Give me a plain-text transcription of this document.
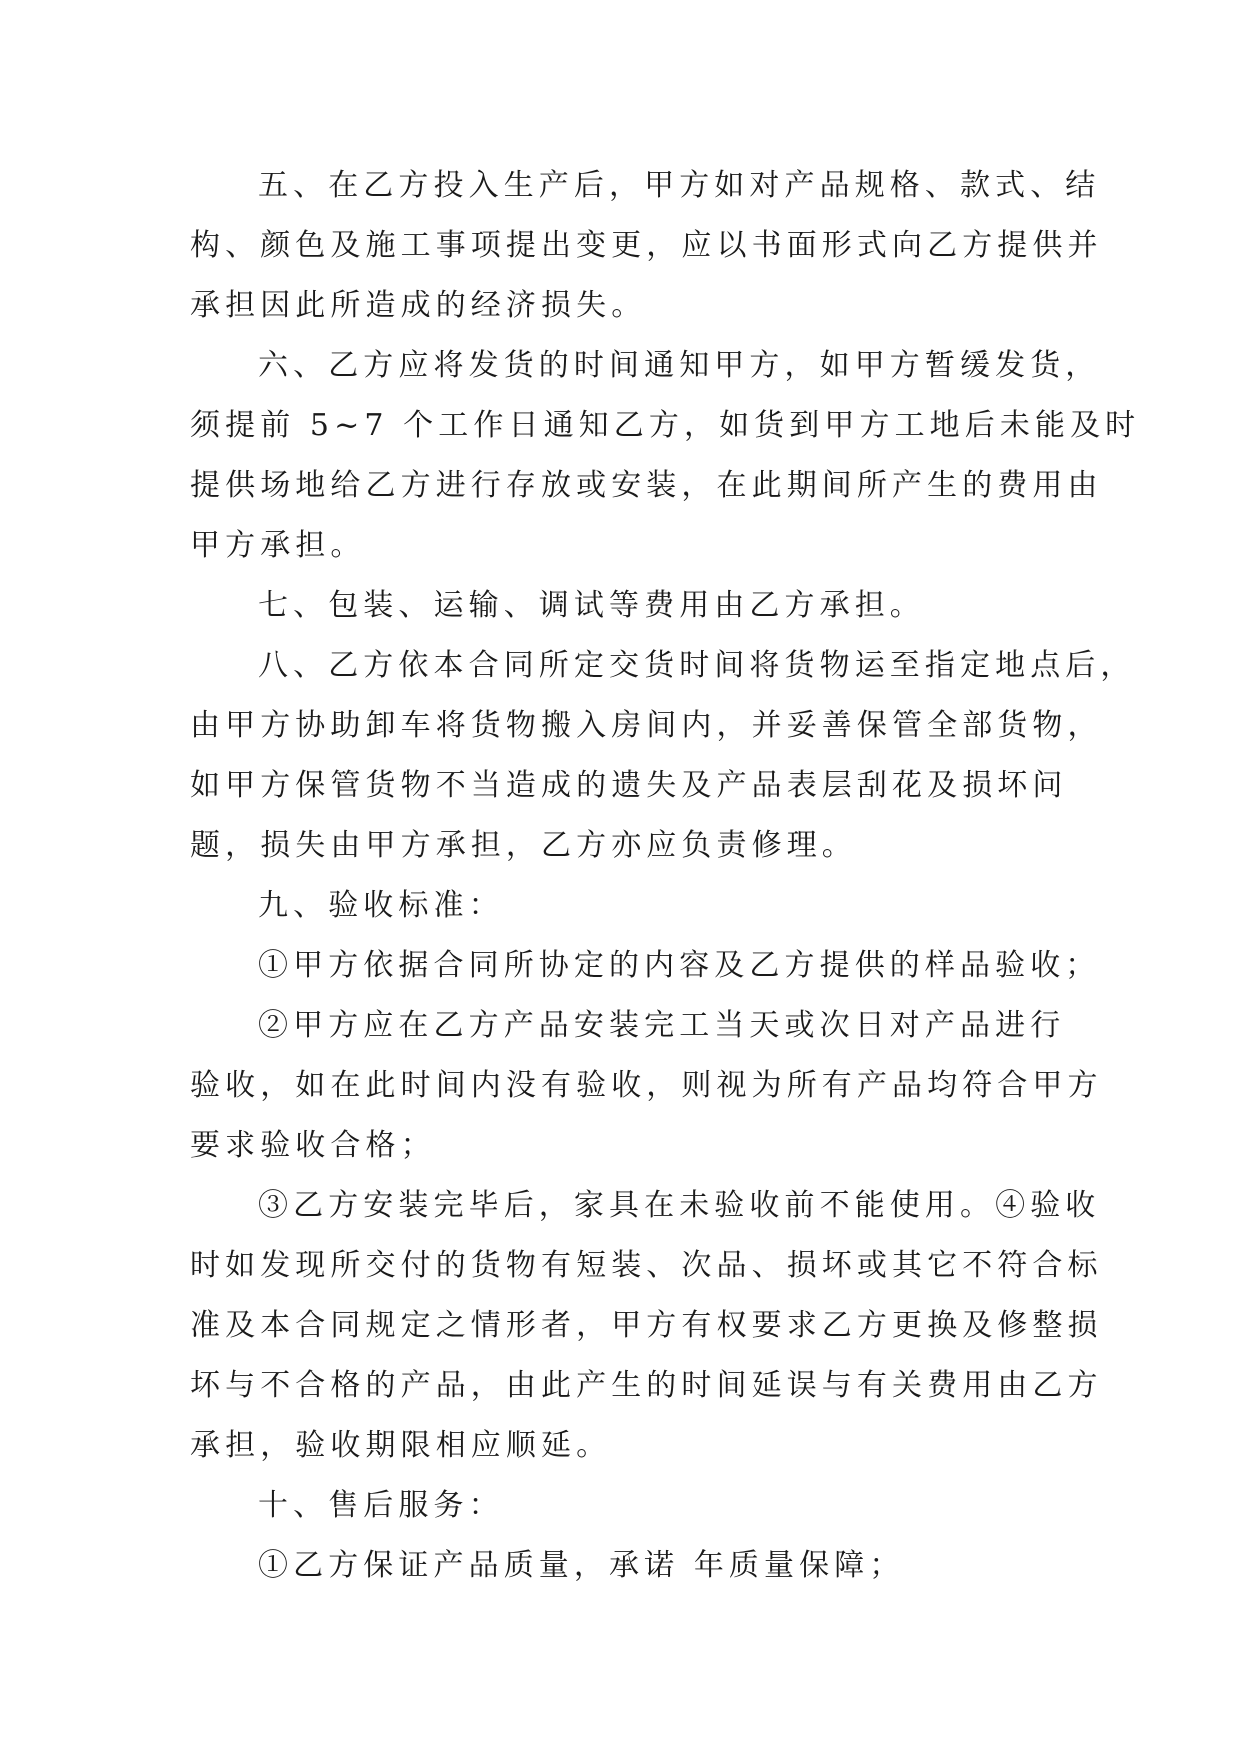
五、在乙方投入生产后，甲方如对产品规格、款式、结
构、颜色及施工事项提出变更，应以书面形式向乙方提供并
承担因此所造成的经济损失。
六、乙方应将发货的时间通知甲方，如甲方暂缓发货，
须提前 5~7 个工作日通知乙方，如货到甲方工地后未能及时
提供场地给乙方进行存放或安装，在此期间所产生的费用由
甲方承担。
七、包装、运输、调试等费用由乙方承担。
八、乙方依本合同所定交货时间将货物运至指定地点后，
由甲方协助卸车将货物搬入房间内，并妥善保管全部货物，
如甲方保管货物不当造成的遗失及产品表层刮花及损坏问
题，损失由甲方承担，乙方亦应负责修理。
九、验收标准：
①甲方依据合同所协定的内容及乙方提供的样品验收；
②甲方应在乙方产品安装完工当天或次日对产品进行
验收，如在此时间内没有验收，则视为所有产品均符合甲方
要求验收合格；
③乙方安装完毕后，家具在未验收前不能使用。④验收
时如发现所交付的货物有短装、次品、损坏或其它不符合标
准及本合同规定之情形者，甲方有权要求乙方更换及修整损
坏与不合格的产品，由此产生的时间延误与有关费用由乙方
承担，验收期限相应顺延。
十、售后服务：
①乙方保证产品质量，承诺 年质量保障；
